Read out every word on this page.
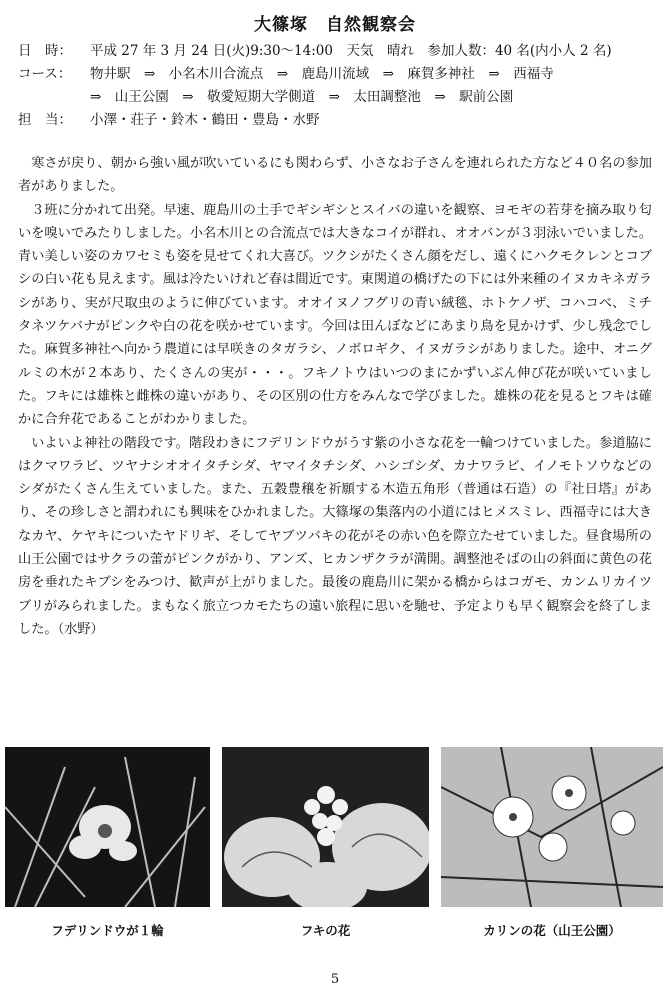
大篠塚　自然観察会
日　時：	平成 27 年 3 月 24 日(火)9:30～14:00　天気　晴れ　参加人数：40 名(内小人 2 名)
コース：	物井駅　⇒　小名木川合流点　⇒　鹿島川流域　⇒　麻賀多神社　⇒　西福寺
⇒　山王公園　⇒　敬愛短期大学側道　⇒　太田調整池　⇒　駅前公園
担　当：	小澤・荘子・鈴木・鶴田・豊島・水野

寒さが戻り、朝から強い風が吹いているにも関わらず、小さなお子さんを連れられた方など４０名の参加者がありました。

３班に分かれて出発。早速、鹿島川の土手でギシギシとスイバの違いを観察、ヨモギの若芽を摘み取り匂いを嗅いでみたりしました。小名木川との合流点では大きなコイが群れ、オオバンが３羽泳いでいました。青い美しい姿のカワセミも姿を見せてくれ大喜び。ツクシがたくさん顔をだし、遠くにハクモクレンとコブシの白い花も見えます。風は冷たいけれど春は間近です。東関道の橋げたの下には外来種のイヌカキネガラシがあり、実が尺取虫のように伸びています。オオイヌノフグリの青い絨毯、ホトケノザ、コハコベ、ミチタネツケバナがピンクや白の花を咲かせています。今回は田んぼなどにあまり鳥を見かけず、少し残念でした。麻賀多神社へ向かう農道には早咲きのタガラシ、ノボロギク、イヌガラシがありました。途中、オニグルミの木が２本あり、たくさんの実が・・・。フキノトウはいつのまにかずいぶん伸び花が咲いていました。フキには雄株と雌株の違いがあり、その区別の仕方をみんなで学びました。雄株の花を見るとフキは確かに合弁花であることがわかりました。

いよいよ神社の階段です。階段わきにフデリンドウがうす紫の小さな花を一輪つけていました。参道脇にはクマワラビ、ツヤナシオオイタチシダ、ヤマイタチシダ、ハシゴシダ、カナワラビ、イノモトソウなどのシダがたくさん生えていました。また、五穀豊穣を祈願する木造五角形（普通は石造）の『社日塔』があり、その珍しさと謂われにも興味をひかれました。大篠塚の集落内の小道にはヒメスミレ、西福寺には大きなカヤ、ケヤキについたヤドリギ、そしてヤブツバキの花がその赤い色を際立たせていました。昼食場所の山王公園ではサクラの蕾がピンクがかり、アンズ、ヒカンザクラが満開。調整池そばの山の斜面に黄色の花房を垂れたキブシをみつけ、歓声が上がりました。最後の鹿島川に架かる橋からはコガモ、カンムリカイツブリがみられました。まもなく旅立つカモたちの遠い旅程に思いを馳せ、予定よりも早く観察会を終了しました。（水野）

フデリンドウが１輪	フキの花	カリンの花（山王公園）
5
